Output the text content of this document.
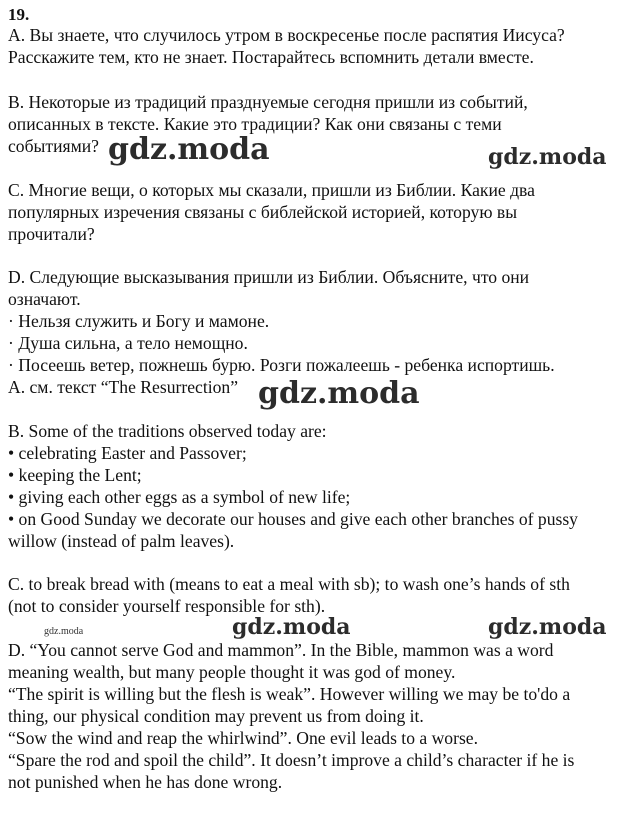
19.
A. Вы знаете, что случилось утром в воскресенье после распятия Иисуса?
Расскажите тем, кто не знает. Постарайтесь вспомнить детали вместе.
B. Некоторые из традиций празднуемые сегодня пришли из событий,
описанных в тексте. Какие это традиции? Как они связаны с теми
событиями?
C. Многие вещи, о которых мы сказали, пришли из Библии. Какие два
популярных изречения связаны с библейской историей, которую вы
прочитали?
D. Следующие высказывания пришли из Библии. Объясните, что они
означают.
· Нельзя служить и Богу и мамоне.
· Душа сильна, а тело немощно.
· Посеешь ветер, пожнешь бурю. Розги пожалеешь - ребенка испортишь.
A. см. текст “The Resurrection”
B. Some of the traditions observed today are:
• celebrating Easter and Passover;
• keeping the Lent;
• giving each other eggs as a symbol of new life;
• on Good Sunday we decorate our houses and give each other branches of pussy
willow (instead of palm leaves).
C. to break bread with (means to eat a meal with sb); to wash one’s hands of sth
(not to consider yourself responsible for sth).
D. “You cannot serve God and mammon”. In the Bible, mammon was a word
meaning wealth, but many people thought it was god of money.
“The spirit is willing but the flesh is weak”. However willing we may be to'do a
thing, our physical condition may prevent us from doing it.
“Sow the wind and reap the whirlwind”. One evil leads to a worse.
“Spare the rod and spoil the child”. It doesn’t improve a child’s character if he is
not punished when he has done wrong.
gdz.moda	gdz.moda
gdz.moda
gdz.moda	gdz.moda	gdz.moda
